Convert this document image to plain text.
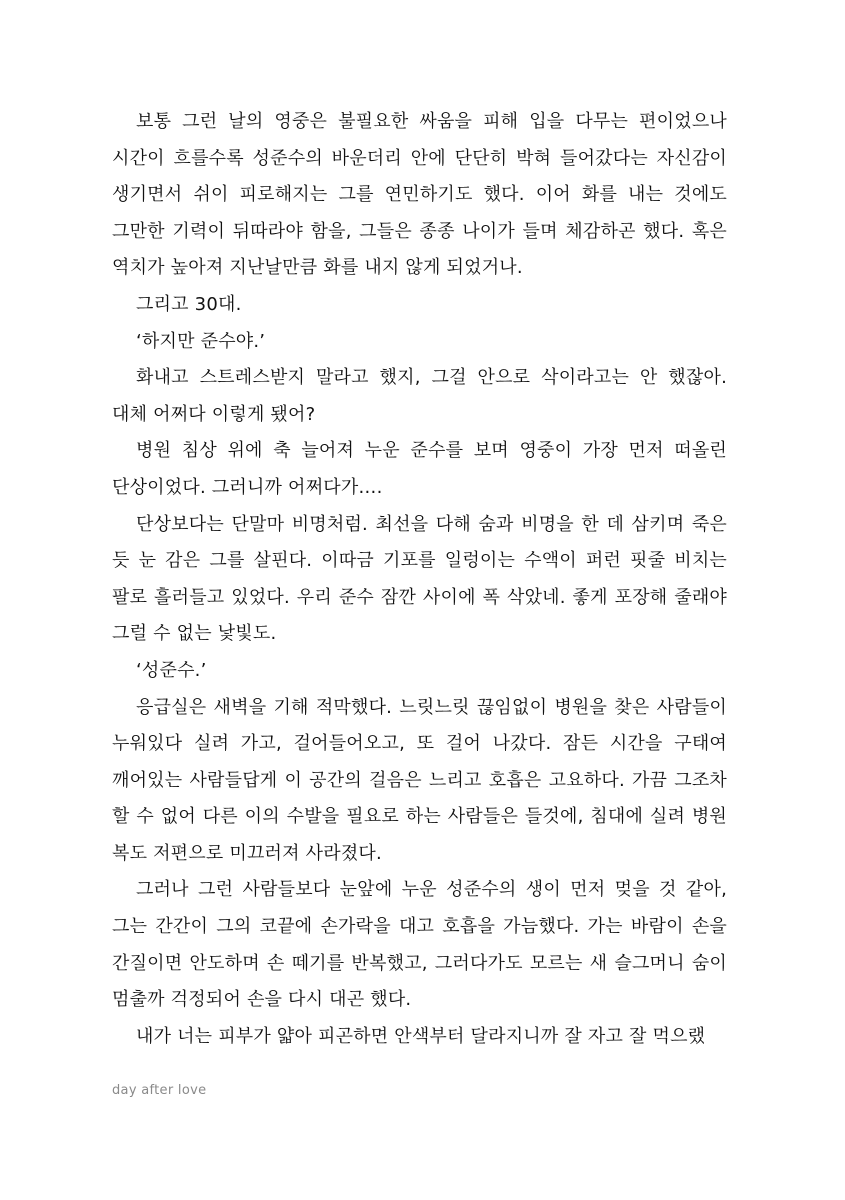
보통 그런 날의 영중은 불필요한 싸움을 피해 입을 다무는 편이었으나 시간이 흐를수록 성준수의 바운더리 안에 단단히 박혀 들어갔다는 자신감이 생기면서 쉬이 피로해지는 그를 연민하기도 했다. 이어 화를 내는 것에도 그만한 기력이 뒤따라야 함을, 그들은 종종 나이가 들며 체감하곤 했다. 혹은 역치가 높아져 지난날만큼 화를 내지 않게 되었거나.

그리고 30대.

‘하지만 준수야.’

화내고 스트레스받지 말라고 했지, 그걸 안으로 삭이라고는 안 했잖아. 대체 어쩌다 이렇게 됐어?

병원 침상 위에 축 늘어져 누운 준수를 보며 영중이 가장 먼저 떠올린 단상이었다. 그러니까 어쩌다가….

단상보다는 단말마 비명처럼. 최선을 다해 숨과 비명을 한 데 삼키며 죽은 듯 눈 감은 그를 살핀다. 이따금 기포를 일렁이는 수액이 퍼런 핏줄 비치는 팔로 흘러들고 있었다. 우리 준수 잠깐 사이에 폭 삭았네. 좋게 포장해 줄래야 그럴 수 없는 낯빛도.

‘성준수.’

응급실은 새벽을 기해 적막했다. 느릿느릿 끊임없이 병원을 찾은 사람들이 누워있다 실려 가고, 걸어들어오고, 또 걸어 나갔다. 잠든 시간을 구태여 깨어있는 사람들답게 이 공간의 걸음은 느리고 호흡은 고요하다. 가끔 그조차 할 수 없어 다른 이의 수발을 필요로 하는 사람들은 들것에, 침대에 실려 병원 복도 저편으로 미끄러져 사라졌다.

그러나 그런 사람들보다 눈앞에 누운 성준수의 생이 먼저 멎을 것 같아, 그는 간간이 그의 코끝에 손가락을 대고 호흡을 가늠했다. 가는 바람이 손을 간질이면 안도하며 손 떼기를 반복했고, 그러다가도 모르는 새 슬그머니 숨이 멈출까 걱정되어 손을 다시 대곤 했다.

내가 너는 피부가 얇아 피곤하면 안색부터 달라지니까 잘 자고 잘 먹으랬

day after love
